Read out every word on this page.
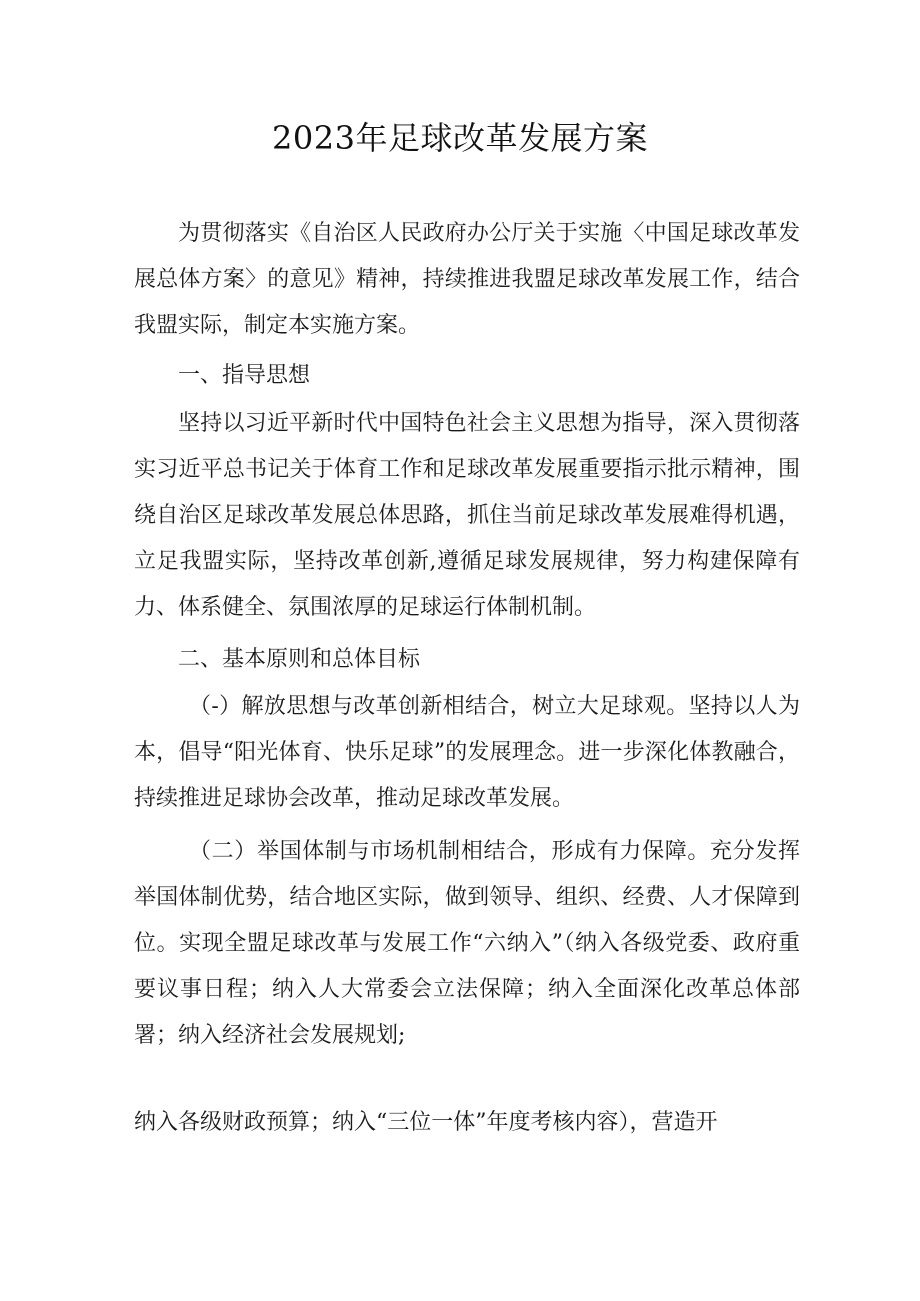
2023年足球改革发展方案

为贯彻落实《自治区人民政府办公厅关于实施〈中国足球改革发展总体方案〉的意见》精神，持续推进我盟足球改革发展工作，结合我盟实际，制定本实施方案。

一、指导思想

坚持以习近平新时代中国特色社会主义思想为指导，深入贯彻落实习近平总书记关于体育工作和足球改革发展重要指示批示精神，围绕自治区足球改革发展总体思路，抓住当前足球改革发展难得机遇，立足我盟实际，坚持改革创新,遵循足球发展规律，努力构建保障有力、体系健全、氛围浓厚的足球运行体制机制。

二、基本原则和总体目标

（-）解放思想与改革创新相结合，树立大足球观。坚持以人为本，倡导“阳光体育、快乐足球”的发展理念。进一步深化体教融合，持续推进足球协会改革，推动足球改革发展。

（二）举国体制与市场机制相结合，形成有力保障。充分发挥举国体制优势，结合地区实际，做到领导、组织、经费、人才保障到位。实现全盟足球改革与发展工作“六纳入”（纳入各级党委、政府重要议事日程；纳入人大常委会立法保障；纳入全面深化改革总体部署；纳入经济社会发展规划;

纳入各级财政预算；纳入“三位一体”年度考核内容），营造开
